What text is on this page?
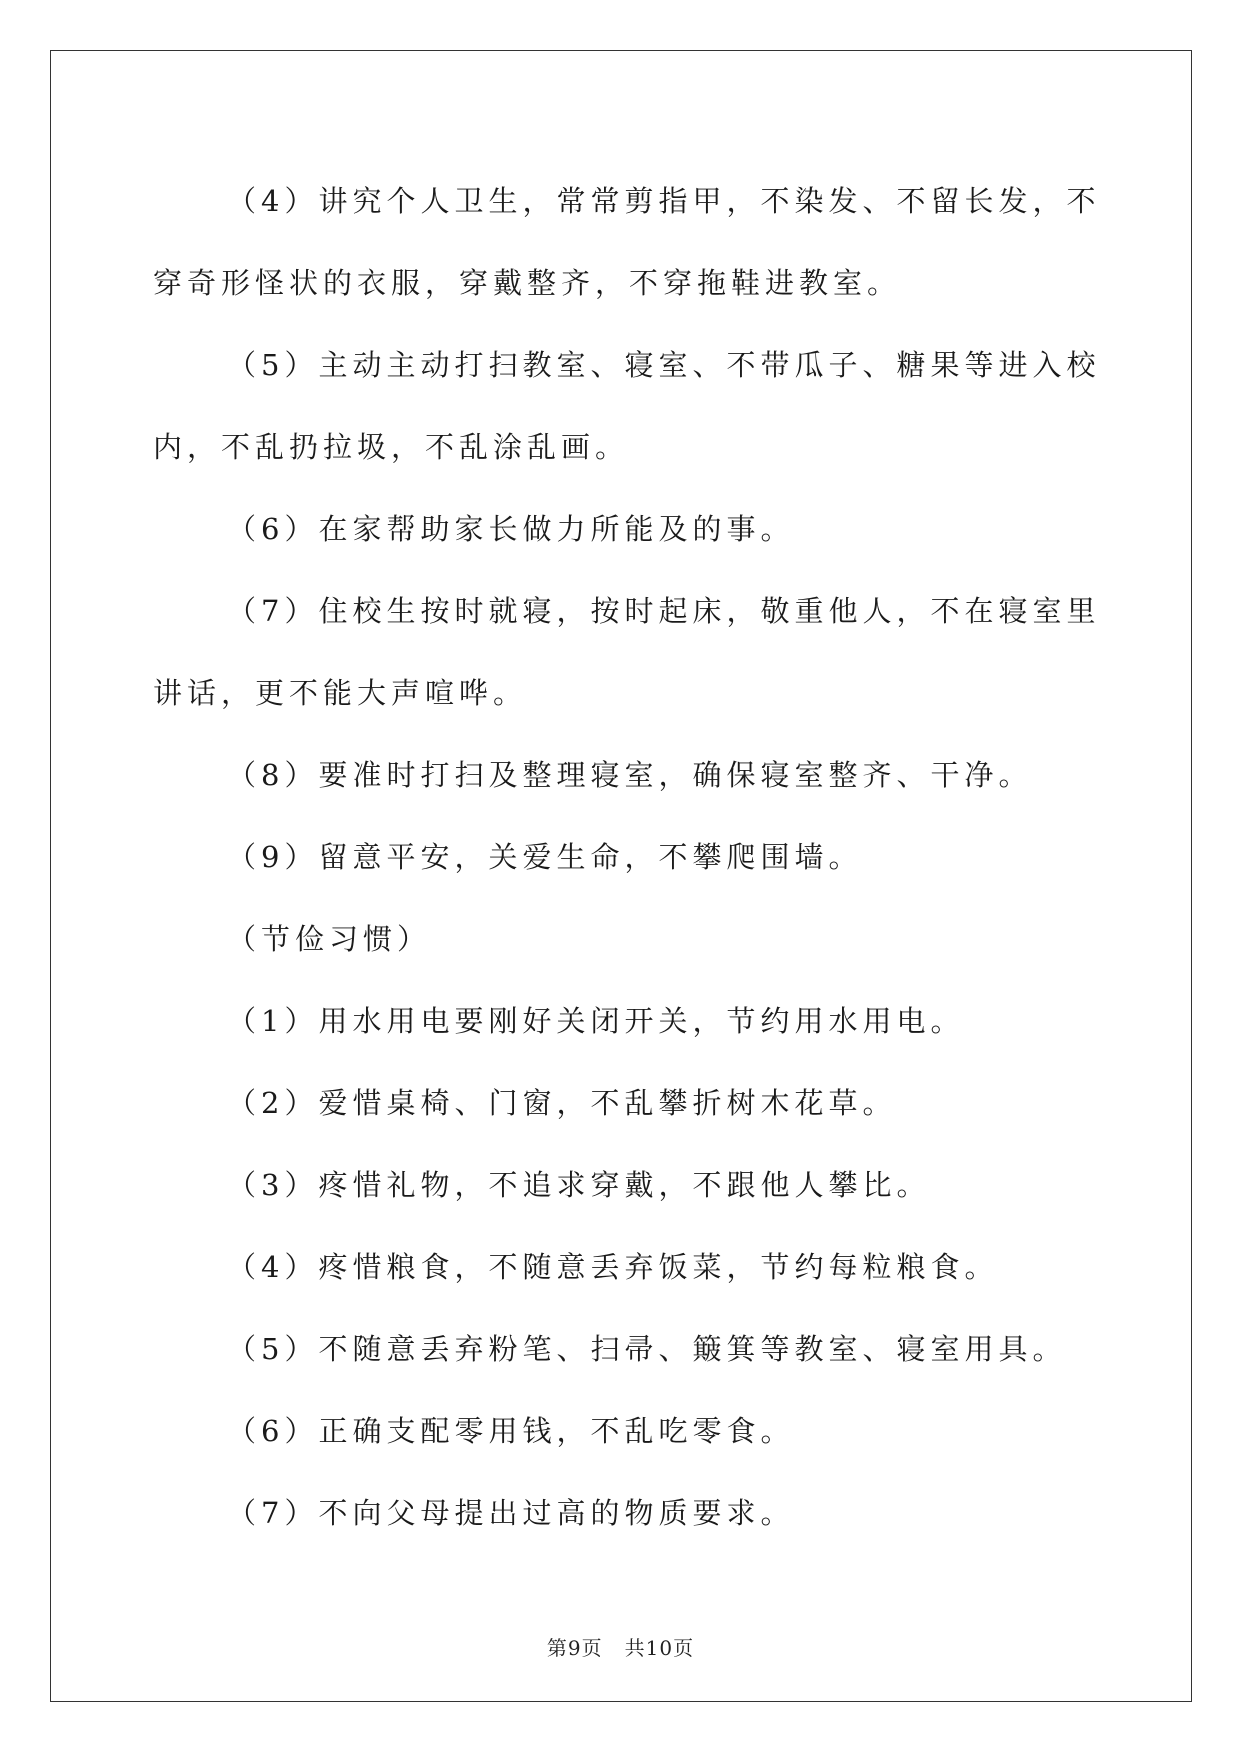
（4）讲究个人卫生，常常剪指甲，不染发、不留长发，不穿奇形怪状的衣服，穿戴整齐，不穿拖鞋进教室。

（5）主动主动打扫教室、寝室、不带瓜子、糖果等进入校内，不乱扔拉圾，不乱涂乱画。

（6）在家帮助家长做力所能及的事。

（7）住校生按时就寝，按时起床，敬重他人，不在寝室里讲话，更不能大声喧哗。

（8）要准时打扫及整理寝室，确保寝室整齐、干净。

（9）留意平安，关爱生命，不攀爬围墙。

（节俭习惯）

（1）用水用电要刚好关闭开关，节约用水用电。

（2）爱惜桌椅、门窗，不乱攀折树木花草。

（3）疼惜礼物，不追求穿戴，不跟他人攀比。

（4）疼惜粮食，不随意丢弃饭菜，节约每粒粮食。

（5）不随意丢弃粉笔、扫帚、簸箕等教室、寝室用具。

（6）正确支配零用钱，不乱吃零食。

（7）不向父母提出过高的物质要求。

第9页 共10页
